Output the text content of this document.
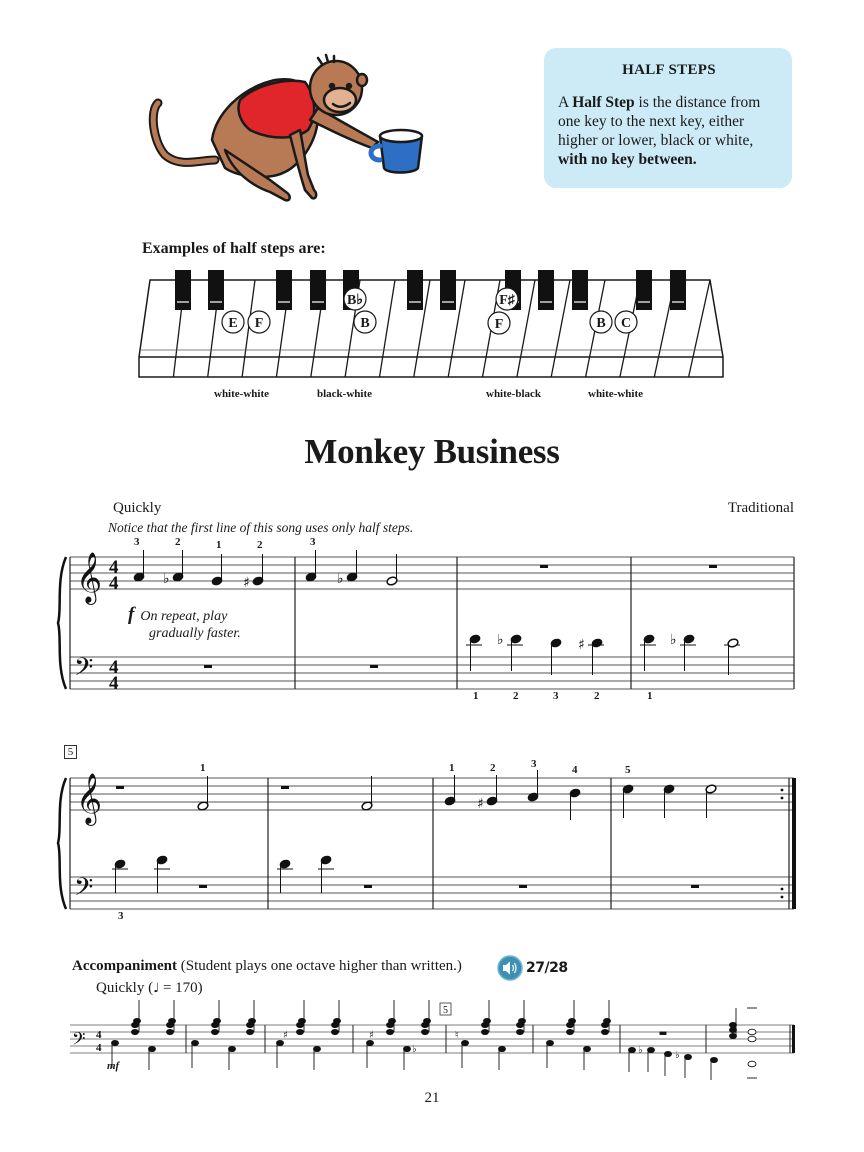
HALF STEPS

A Half Step is the distance from one key to the next key, either higher or lower, black or white, with no key between.

Examples of half steps are:
E F
B♭
B
F♯
F	B C
white-white	black-white	white-black	white-white
Monkey Business
Quickly	Traditional
Notice that the first line of this song uses only half steps.
𝄞
𝄢
4
4
4
4
♭	♯	♭
♭	♯	♭
3	2	1	2	3
1	2	3	2	1
f On repeat, play
gradually faster.
5
𝄞
𝄢
♯
1	1	2	3	4	5
3
Accompaniment (Student plays one octave higher than written.)	27/28
Quickly (♩ = 170)
𝄢 4
4
♯	♯
♭
♮
♭	♭
5
mf
21
